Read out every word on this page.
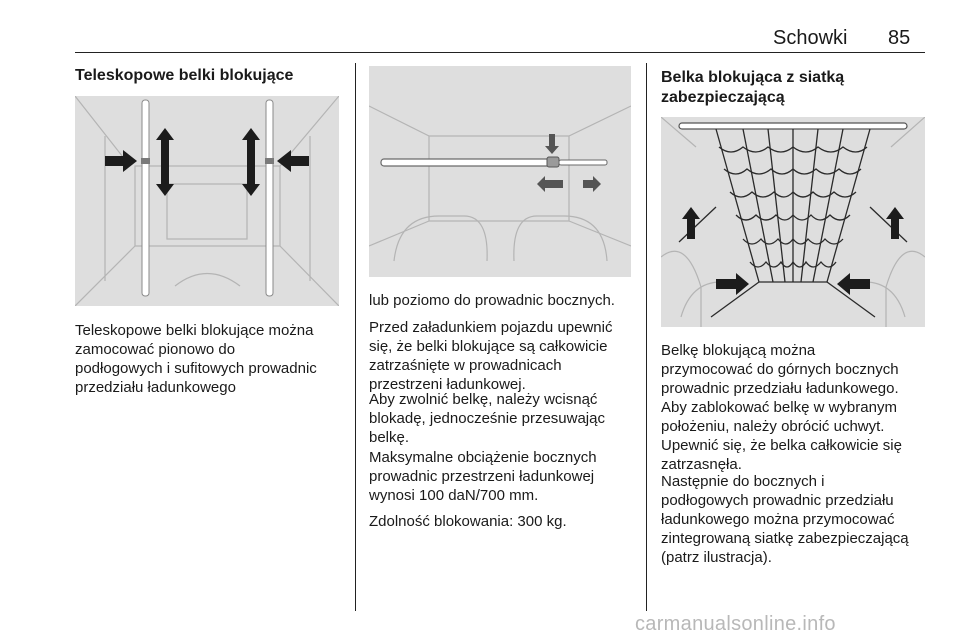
Schowki 85
Teleskopowe belki blokujące
Teleskopowe belki blokujące można
zamocować pionowo do
podłogowych i sufitowych prowadnic
przedziału ładunkowego
lub poziomo do prowadnic bocznych.
Przed załadunkiem pojazdu upewnić
się, że belki blokujące są całkowicie
zatrzaśnięte w prowadnicach
przestrzeni ładunkowej.
Aby zwolnić belkę, należy wcisnąć
blokadę, jednocześnie przesuwając
belkę.
Maksymalne obciążenie bocznych
prowadnic przestrzeni ładunkowej
wynosi 100 daN/700 mm.
Zdolność blokowania: 300 kg.
Belka blokująca z siatką
zabezpieczającą
Belkę blokującą można
przymocować do górnych bocznych
prowadnic przedziału ładunkowego.
Aby zablokować belkę w wybranym
położeniu, należy obrócić uchwyt.
Upewnić się, że belka całkowicie się
zatrzasnęła.
Następnie do bocznych i
podłogowych prowadnic przedziału
ładunkowego można przymocować
zintegrowaną siatkę zabezpieczającą
(patrz ilustracja).
carmanualsonline.info
